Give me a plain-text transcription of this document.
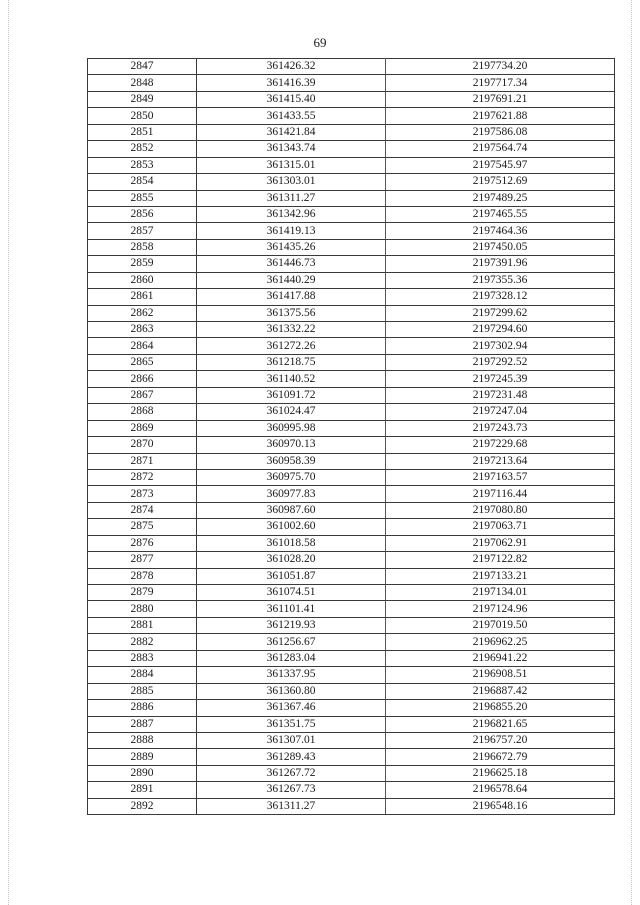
69
2847	361426.32	2197734.20
2848	361416.39	2197717.34
2849	361415.40	2197691.21
2850	361433.55	2197621.88
2851	361421.84	2197586.08
2852	361343.74	2197564.74
2853	361315.01	2197545.97
2854	361303.01	2197512.69
2855	361311.27	2197489.25
2856	361342.96	2197465.55
2857	361419.13	2197464.36
2858	361435.26	2197450.05
2859	361446.73	2197391.96
2860	361440.29	2197355.36
2861	361417.88	2197328.12
2862	361375.56	2197299.62
2863	361332.22	2197294.60
2864	361272.26	2197302.94
2865	361218.75	2197292.52
2866	361140.52	2197245.39
2867	361091.72	2197231.48
2868	361024.47	2197247.04
2869	360995.98	2197243.73
2870	360970.13	2197229.68
2871	360958.39	2197213.64
2872	360975.70	2197163.57
2873	360977.83	2197116.44
2874	360987.60	2197080.80
2875	361002.60	2197063.71
2876	361018.58	2197062.91
2877	361028.20	2197122.82
2878	361051.87	2197133.21
2879	361074.51	2197134.01
2880	361101.41	2197124.96
2881	361219.93	2197019.50
2882	361256.67	2196962.25
2883	361283.04	2196941.22
2884	361337.95	2196908.51
2885	361360.80	2196887.42
2886	361367.46	2196855.20
2887	361351.75	2196821.65
2888	361307.01	2196757.20
2889	361289.43	2196672.79
2890	361267.72	2196625.18
2891	361267.73	2196578.64
2892	361311.27	2196548.16
